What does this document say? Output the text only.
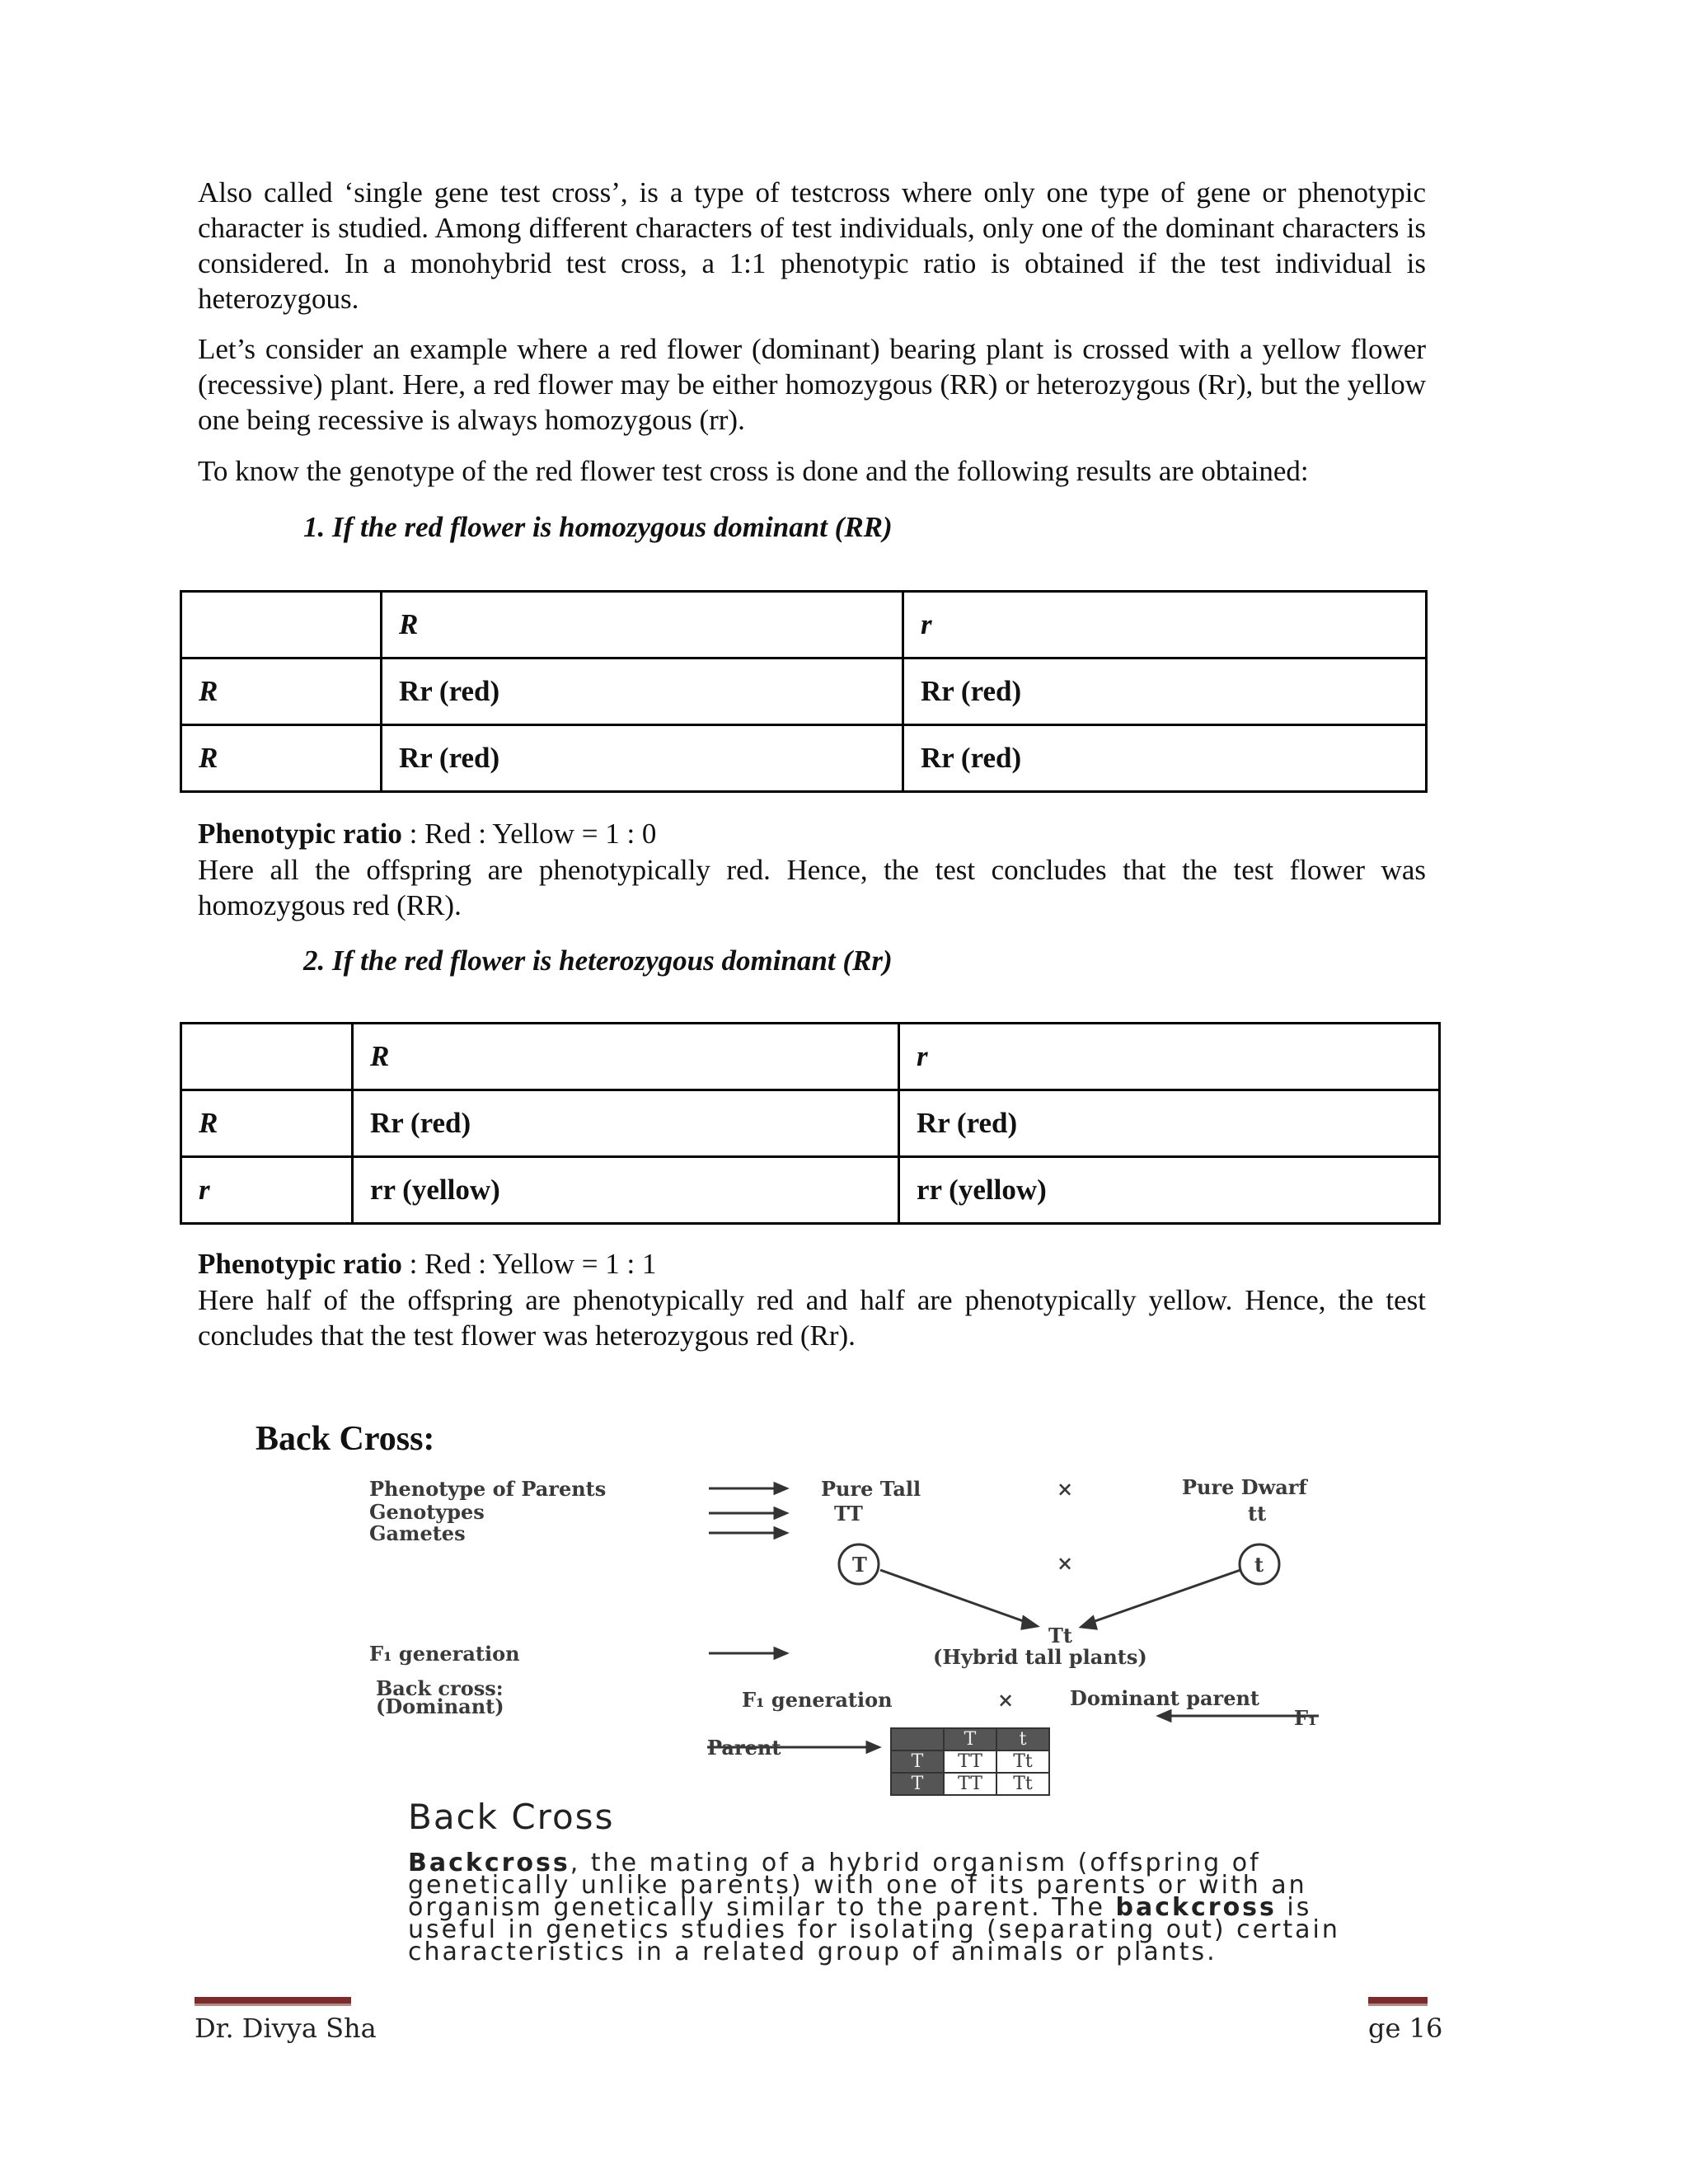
Also called ‘single gene test cross’, is a type of testcross where only one type of gene or phenotypic character is studied. Among different characters of test individuals, only one of the dominant characters is considered. In a monohybrid test cross, a 1:1 phenotypic ratio is obtained if the test individual is heterozygous.

Let’s consider an example where a red flower (dominant) bearing plant is crossed with a yellow flower (recessive) plant. Here, a red flower may be either homozygous (RR) or heterozygous (Rr), but the yellow one being recessive is always homozygous (rr).

To know the genotype of the red flower test cross is done and the following results are obtained:

1. If the red flower is homozygous dominant (RR)

	R	r
R	Rr (red)	Rr (red)
R	Rr (red)	Rr (red)

Phenotypic ratio : Red : Yellow = 1 : 0

Here all the offspring are phenotypically red. Hence, the test concludes that the test flower was homozygous red (RR).

2. If the red flower is heterozygous dominant (Rr)

	R	r
R	Rr (red)	Rr (red)
r	rr (yellow)	rr (yellow)

Phenotypic ratio : Red : Yellow = 1 : 1

Here half of the offspring are phenotypically red and half are phenotypically yellow. Hence, the test concludes that the test flower was heterozygous red (Rr).

Back Cross:

Phenotype of Parents
Genotypes
Gametes
Pure Tall	×	Pure Dwarf
TT	tt
T	×	t
Tt
F₁ generation	(Hybrid tall plants)
Back cross:
(Dominant)	F₁ generation	×	Dominant parent
F₁
Parent
		T	t
T	TT	Tt
T	TT	Tt
Back Cross

Backcross, the mating of a hybrid organism (offspring of genetically unlike parents) with one of its parents or with an organism genetically similar to the parent. The backcross is useful in genetics studies for isolating (separating out) certain characteristics in a related group of animals or plants.

Dr. Divya Sha	ge 16
